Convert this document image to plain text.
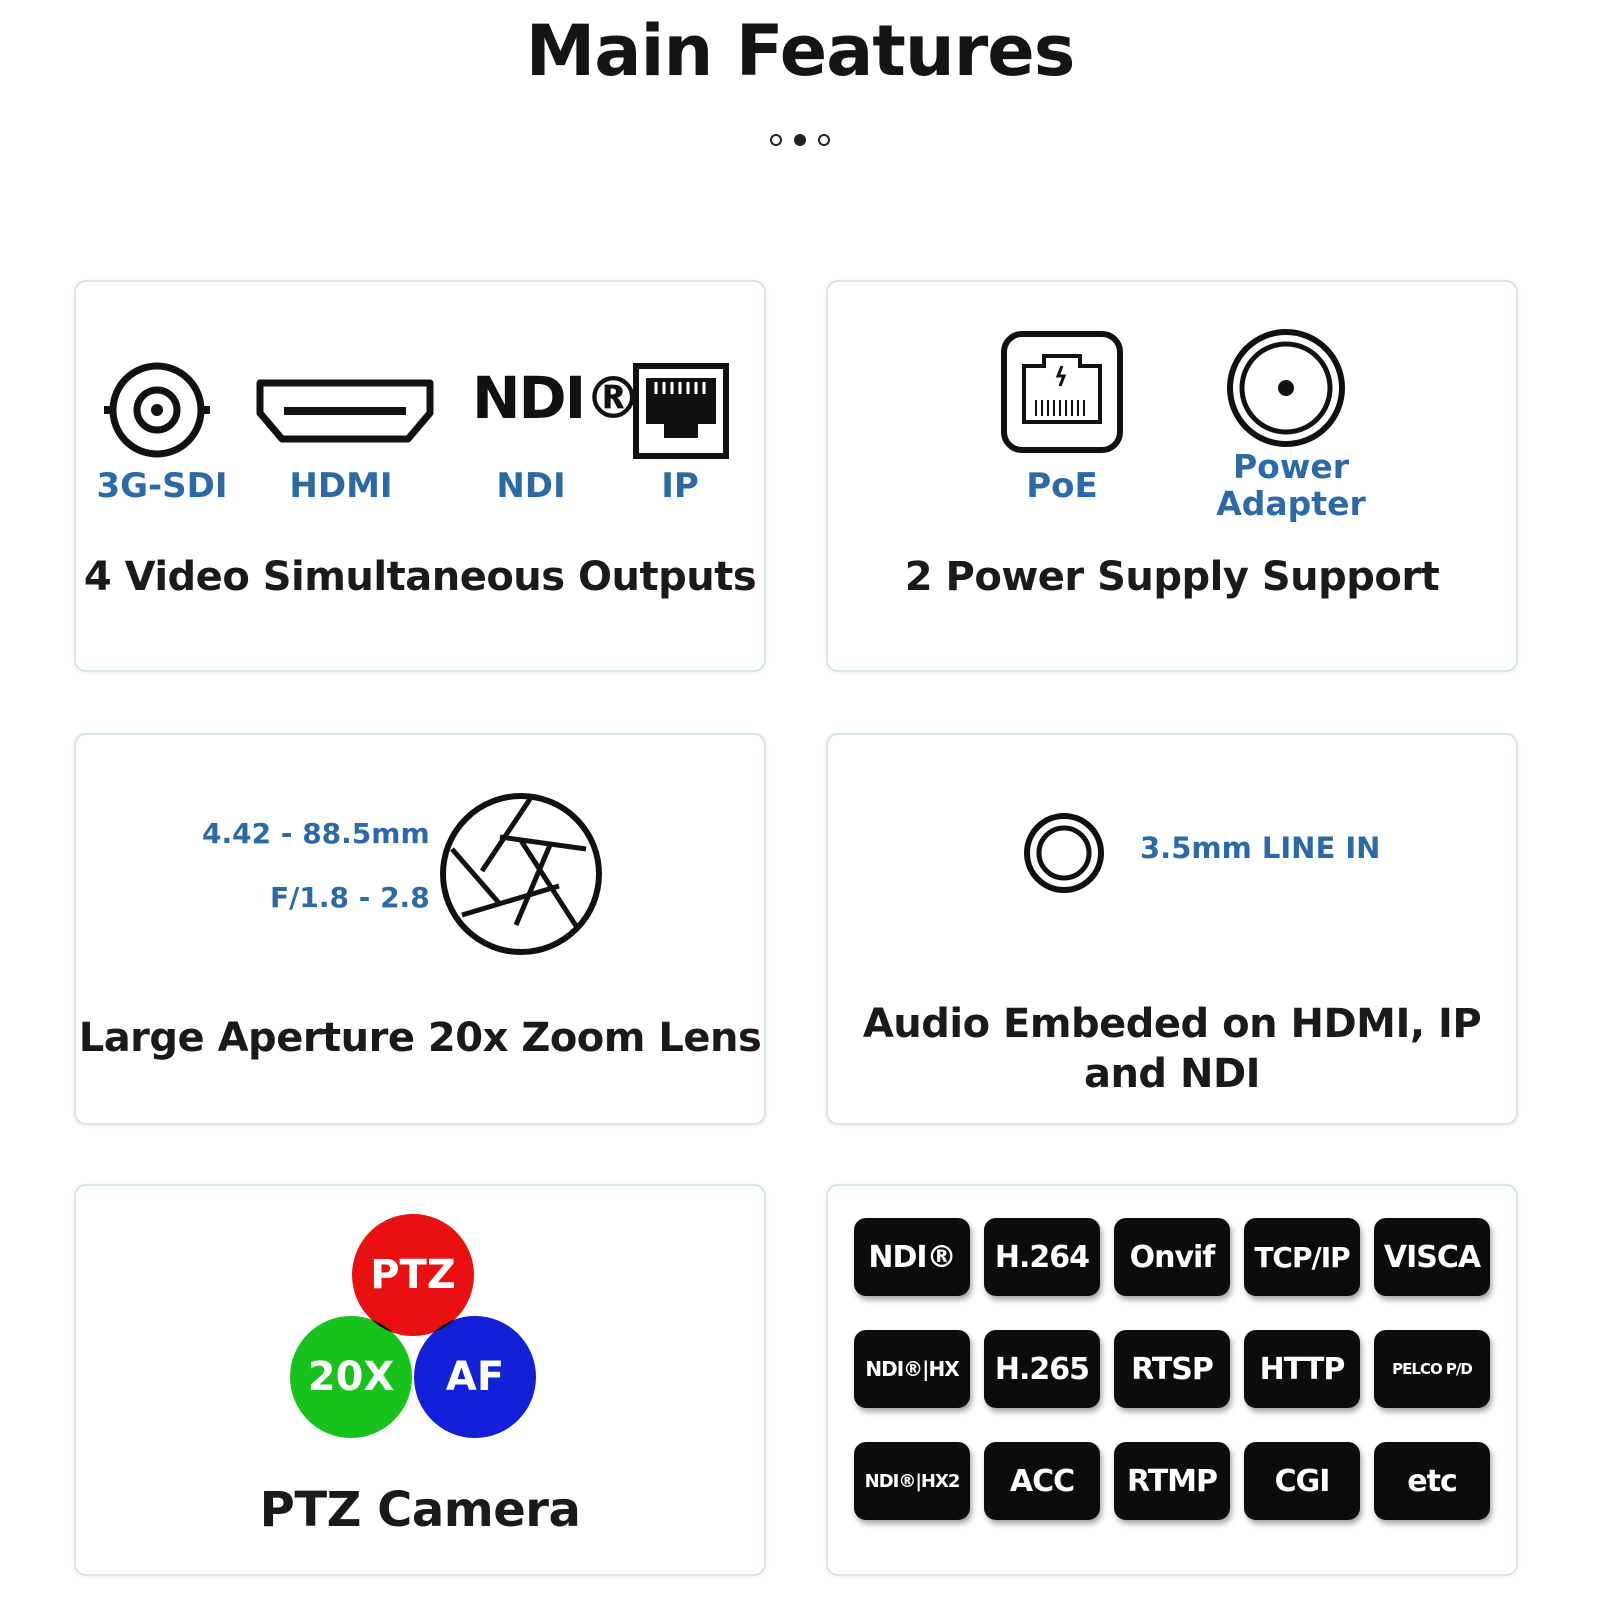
Main Features
NDI®
3G-SDI	HDMI	NDI	IP
4 Video Simultaneous Outputs
PoE	Power
Adapter
2 Power Supply Support
4.42 - 88.5mm
F/1.8 - 2.8
Large Aperture 20x Zoom Lens
3.5mm LINE IN
Audio Embeded on HDMI, IP
and NDI
PTZ
20X	AF
PTZ Camera
NDI®	H.264	Onvif	TCP/IP	VISCA
NDI®|HX	H.265	RTSP	HTTP	PELCO P/D
NDI®|HX2	ACC	RTMP	CGI	etc
